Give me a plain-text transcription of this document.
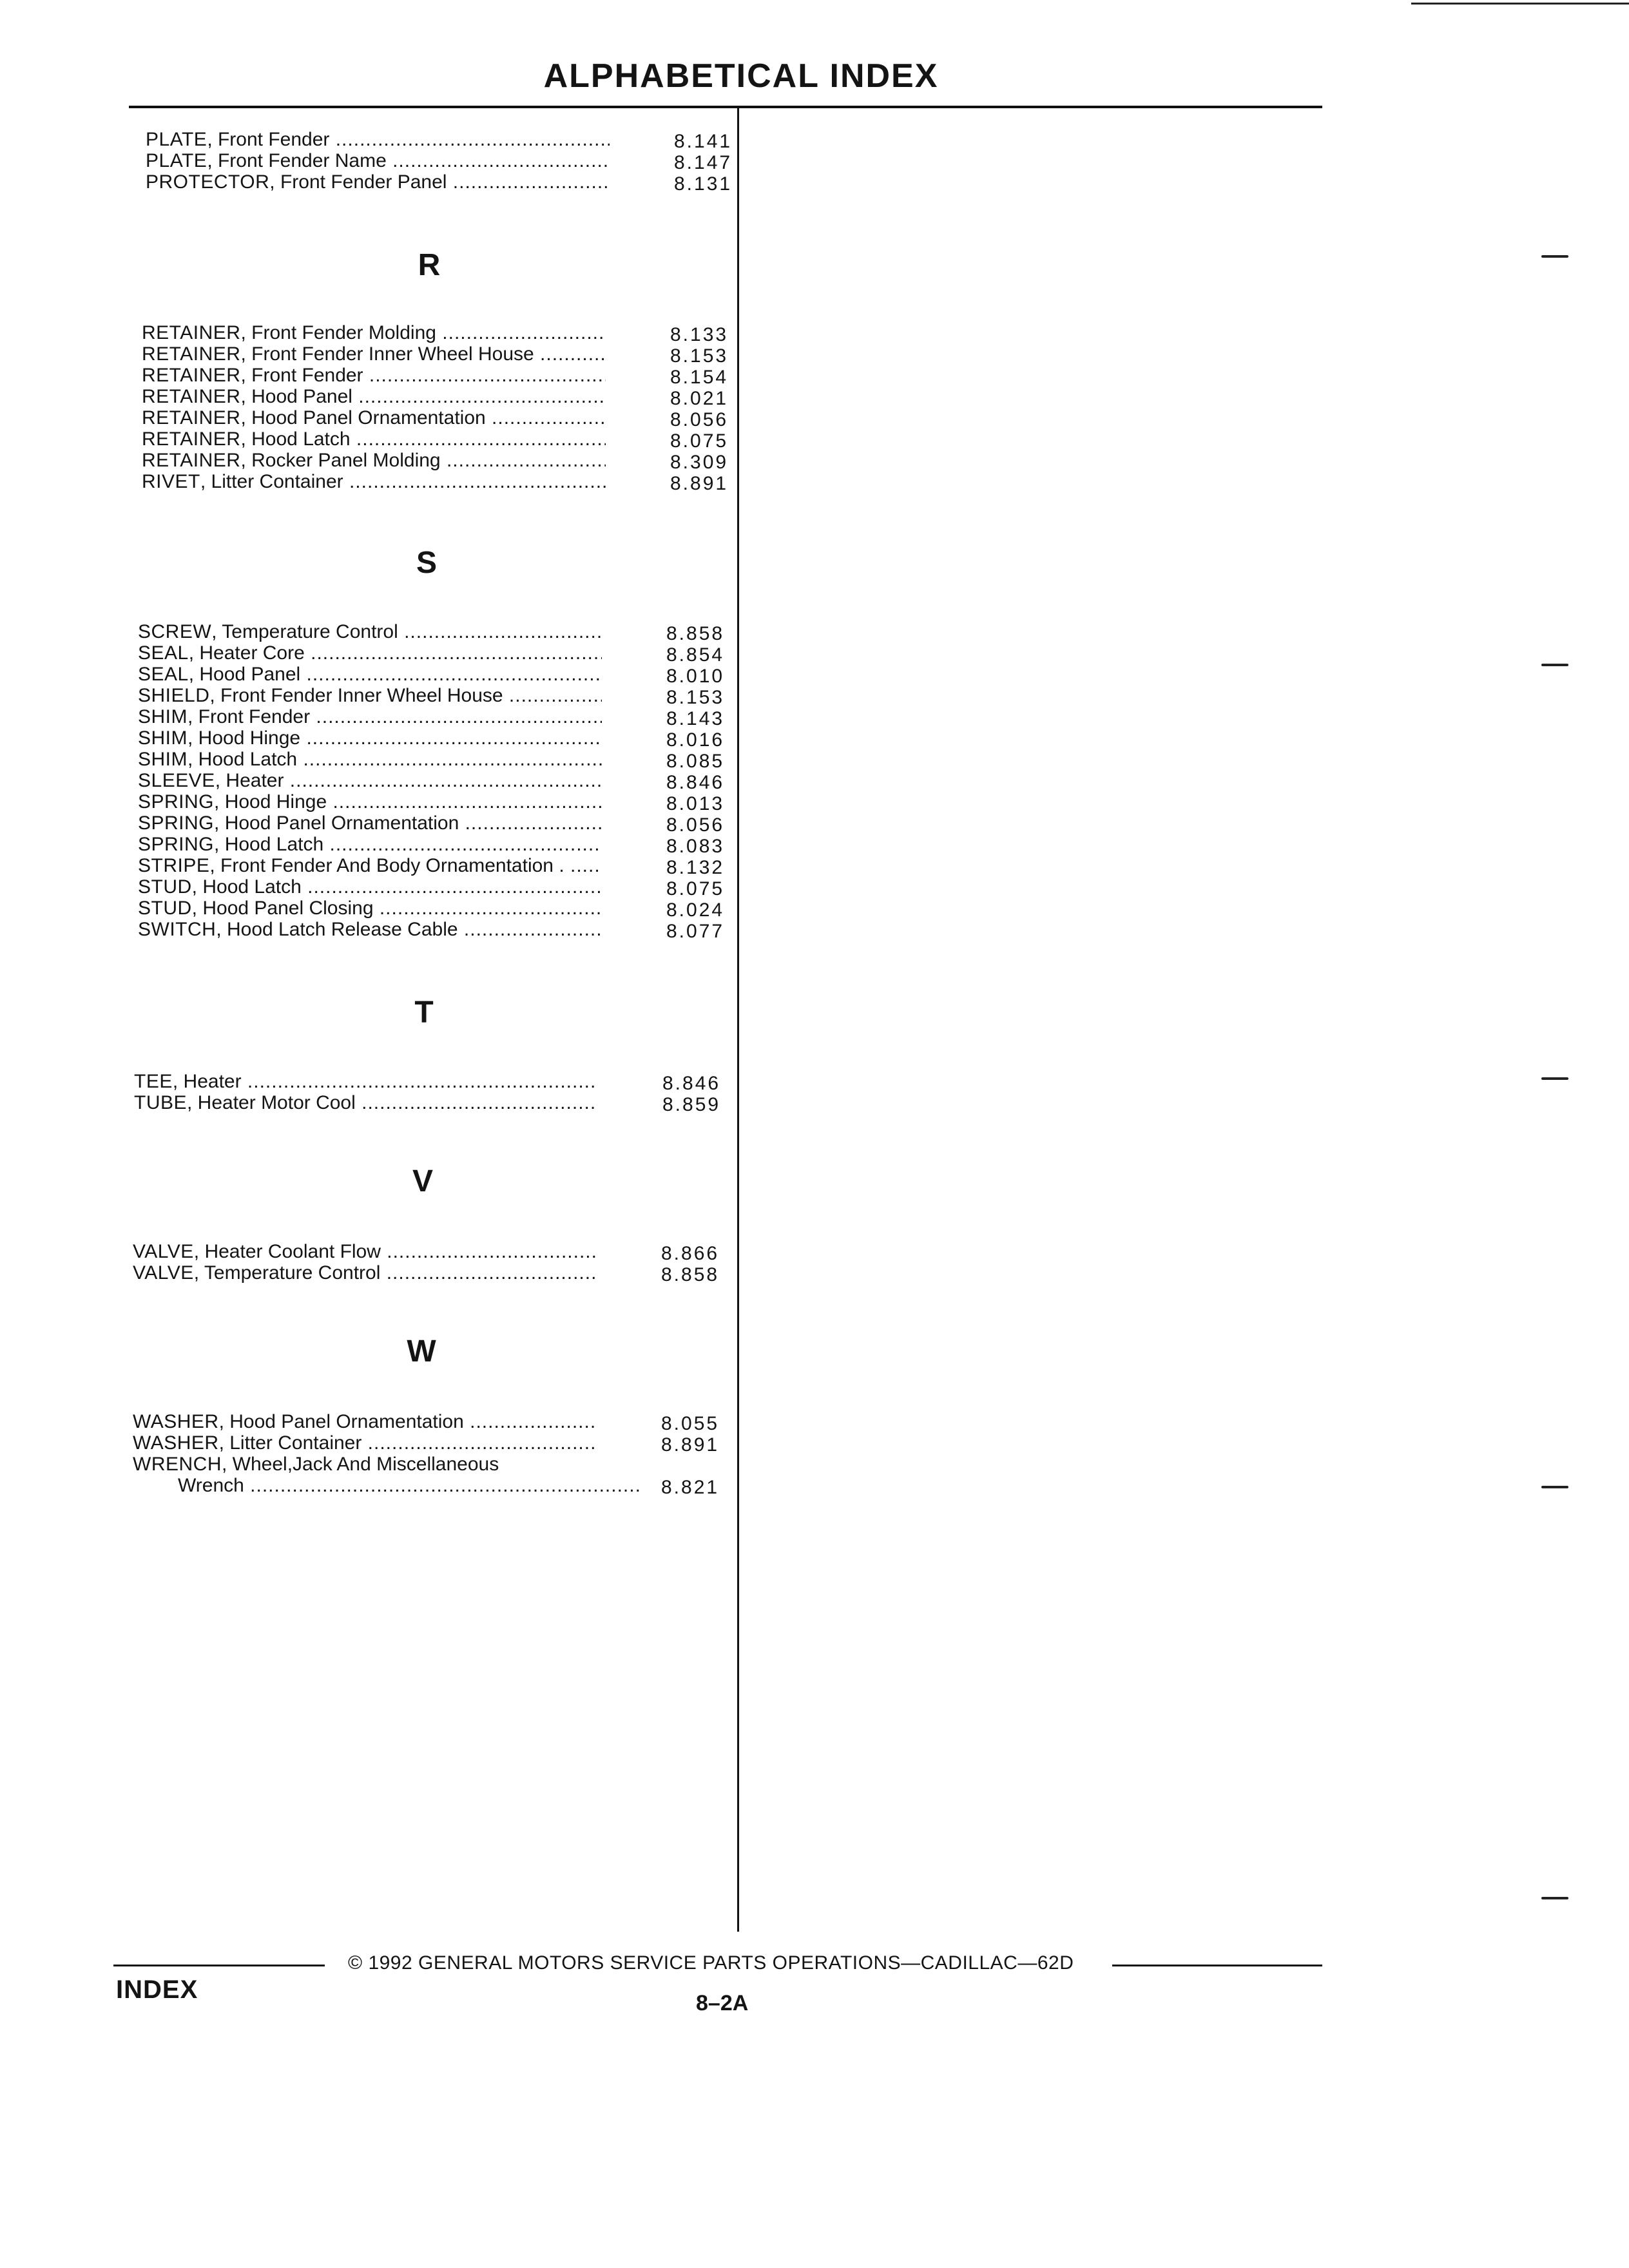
ALPHABETICAL INDEX
PLATE, Front Fender .....	8.141
PLATE, Front Fender Name .....	8.147
PROTECTOR, Front Fender Panel .....	8.131
R
RETAINER, Front Fender Molding .....	8.133
RETAINER, Front Fender Inner Wheel House .....	8.153
RETAINER, Front Fender .....	8.154
RETAINER, Hood Panel .....	8.021
RETAINER, Hood Panel Ornamentation .....	8.056
RETAINER, Hood Latch .....	8.075
RETAINER, Rocker Panel Molding .....	8.309
RIVET, Litter Container .....	8.891
S
SCREW, Temperature Control .....	8.858
SEAL, Heater Core .....	8.854
SEAL, Hood Panel .....	8.010
SHIELD, Front Fender Inner Wheel House .....	8.153
SHIM, Front Fender .....	8.143
SHIM, Hood Hinge .....	8.016
SHIM, Hood Latch .....	8.085
SLEEVE, Heater .....	8.846
SPRING, Hood Hinge .....	8.013
SPRING, Hood Panel Ornamentation .....	8.056
SPRING, Hood Latch .....	8.083
STRIPE, Front Fender And Body Ornamentation . .....	8.132
STUD, Hood Latch .....	8.075
STUD, Hood Panel Closing .....	8.024
SWITCH, Hood Latch Release Cable .....	8.077
T
TEE, Heater .....	8.846
TUBE, Heater Motor Cool .....	8.859
V
VALVE, Heater Coolant Flow .....	8.866
VALVE, Temperature Control .....	8.858
W
WASHER, Hood Panel Ornamentation .....	8.055
WASHER, Litter Container .....	8.891
WRENCH, Wheel,Jack And Miscellaneous
Wrench .....	8.821
© 1992 GENERAL MOTORS SERVICE PARTS OPERATIONS—CADILLAC—62D
INDEX	8–2A
